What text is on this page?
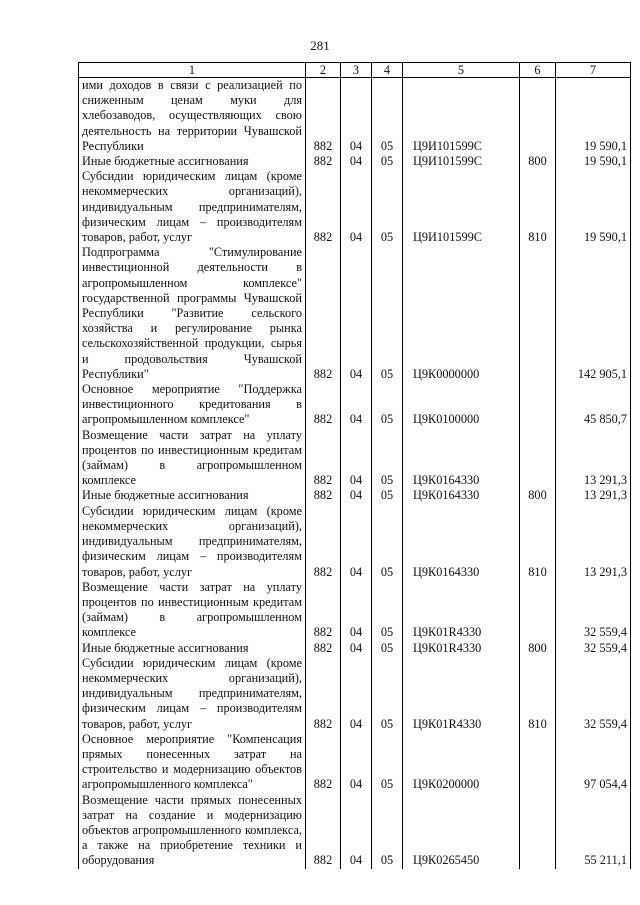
281
1	2	3	4	5	6	7
ими доходов в связи с реализацией по сниженным ценам муки для хлебозаводов, осуществляющих свою деятельность на территории Чувашской Республики	882	04	05	Ц9И101599С		19 590,1
Иные бюджетные ассигнования	882	04	05	Ц9И101599С	800	19 590,1
Субсидии юридическим лицам (кроме некоммерческих организаций), индивидуальным предпринимателям, физическим лицам – производителям товаров, работ, услуг	882	04	05	Ц9И101599С	810	19 590,1
Подпрограмма "Стимулирование инвестиционной деятельности в агропромышленном комплексе" государственной программы Чувашской Республики "Развитие сельского хозяйства и регулирование рынка сельскохозяйственной продукции, сырья и продовольствия Чувашской Республики"	882	04	05	Ц9К0000000		142 905,1
Основное мероприятие "Поддержка инвестиционного кредитования в агропромышленном комплексе"	882	04	05	Ц9К0100000		45 850,7
Возмещение части затрат на уплату процентов по инвестиционным кредитам (займам) в агропромышленном комплексе	882	04	05	Ц9К0164330		13 291,3
Иные бюджетные ассигнования	882	04	05	Ц9К0164330	800	13 291,3
Субсидии юридическим лицам (кроме некоммерческих организаций), индивидуальным предпринимателям, физическим лицам – производителям товаров, работ, услуг	882	04	05	Ц9К0164330	810	13 291,3
Возмещение части затрат на уплату процентов по инвестиционным кредитам (займам) в агропромышленном комплексе	882	04	05	Ц9К01R4330		32 559,4
Иные бюджетные ассигнования	882	04	05	Ц9К01R4330	800	32 559,4
Субсидии юридическим лицам (кроме некоммерческих организаций), индивидуальным предпринимателям, физическим лицам – производителям товаров, работ, услуг	882	04	05	Ц9К01R4330	810	32 559,4
Основное мероприятие "Компенсация прямых понесенных затрат на строительство и модернизацию объектов агропромышленного комплекса"	882	04	05	Ц9К0200000		97 054,4
Возмещение части прямых понесенных затрат на создание и модернизацию объектов агропромышленного комплекса, а также на приобретение техники и оборудования	882	04	05	Ц9К0265450		55 211,1
